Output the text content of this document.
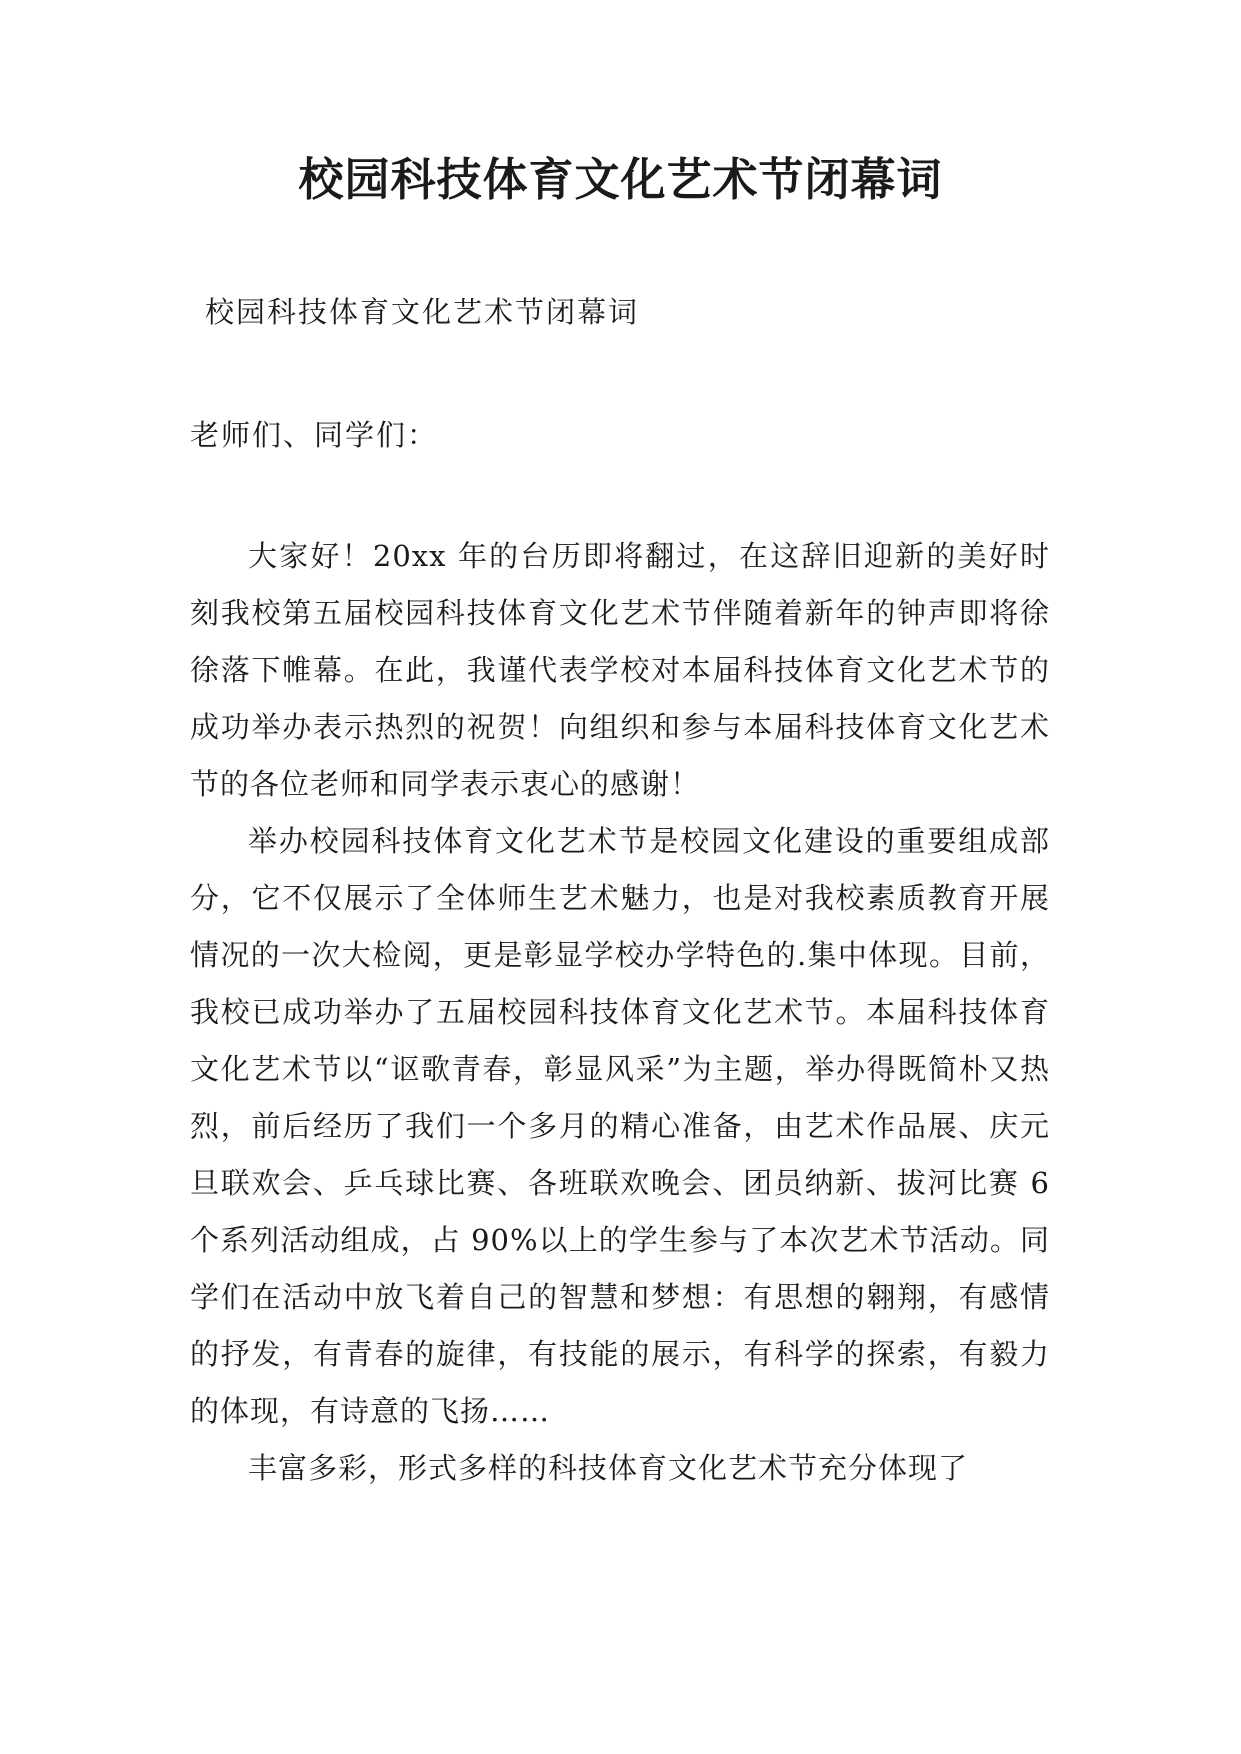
校园科技体育文化艺术节闭幕词

校园科技体育文化艺术节闭幕词

老师们、同学们：

大家好！20xx 年的台历即将翻过，在这辞旧迎新的美好时刻我校第五届校园科技体育文化艺术节伴随着新年的钟声即将徐徐落下帷幕。在此，我谨代表学校对本届科技体育文化艺术节的成功举办表示热烈的祝贺！向组织和参与本届科技体育文化艺术节的各位老师和同学表示衷心的感谢！

举办校园科技体育文化艺术节是校园文化建设的重要组成部分，它不仅展示了全体师生艺术魅力，也是对我校素质教育开展情况的一次大检阅，更是彰显学校办学特色的.集中体现。目前，我校已成功举办了五届校园科技体育文化艺术节。本届科技体育文化艺术节以“讴歌青春，彰显风采”为主题，举办得既简朴又热烈，前后经历了我们一个多月的精心准备，由艺术作品展、庆元旦联欢会、乒乓球比赛、各班联欢晚会、团员纳新、拔河比赛 6 个系列活动组成，占 90%以上的学生参与了本次艺术节活动。同学们在活动中放飞着自己的智慧和梦想：有思想的翱翔，有感情的抒发，有青春的旋律，有技能的展示，有科学的探索，有毅力的体现，有诗意的飞扬……

丰富多彩，形式多样的科技体育文化艺术节充分体现了
